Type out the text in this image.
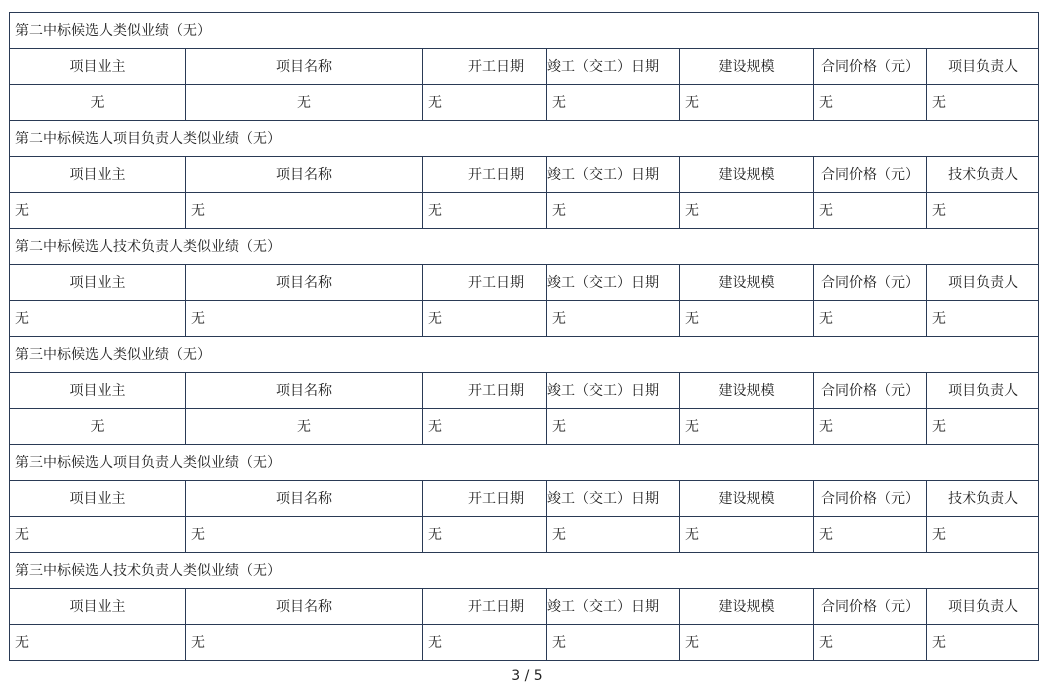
第二中标候选人类似业绩（无）						
项目业主	项目名称	开工日期	竣工（交工）日期	建设规模	合同价格（元）	项目负责人
无	无	无	无	无	无	无
第二中标候选人项目负责人类似业绩（无）						
项目业主	项目名称	开工日期	竣工（交工）日期	建设规模	合同价格（元）	技术负责人
无	无	无	无	无	无	无
第二中标候选人技术负责人类似业绩（无）						
项目业主	项目名称	开工日期	竣工（交工）日期	建设规模	合同价格（元）	项目负责人
无	无	无	无	无	无	无
第三中标候选人类似业绩（无）						
项目业主	项目名称	开工日期	竣工（交工）日期	建设规模	合同价格（元）	项目负责人
无	无	无	无	无	无	无
第三中标候选人项目负责人类似业绩（无）						
项目业主	项目名称	开工日期	竣工（交工）日期	建设规模	合同价格（元）	技术负责人
无	无	无	无	无	无	无
第三中标候选人技术负责人类似业绩（无）						
项目业主	项目名称	开工日期	竣工（交工）日期	建设规模	合同价格（元）	项目负责人
无	无	无	无	无	无	无
3 / 5
